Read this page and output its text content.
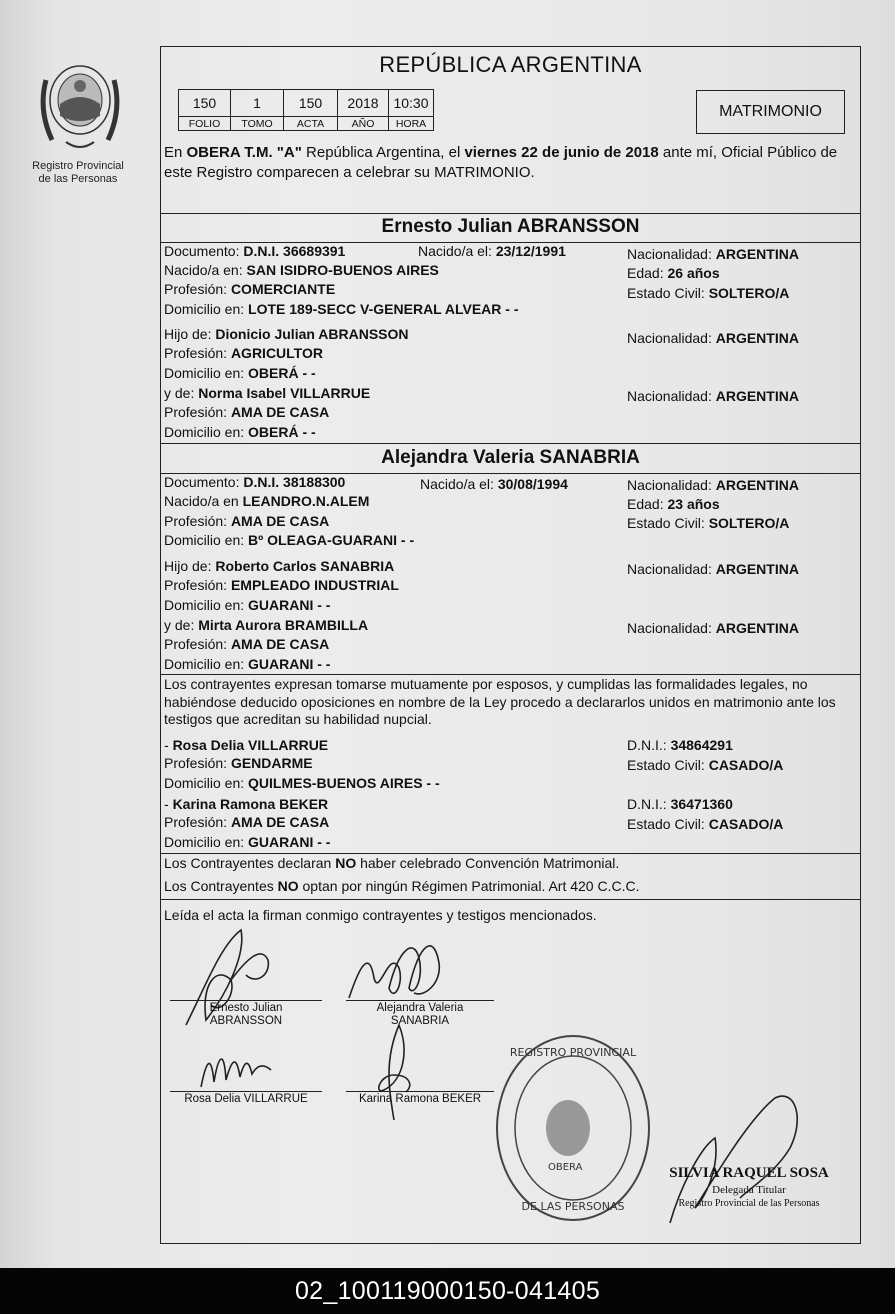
Registro Provincial
de las Personas
REPÚBLICA ARGENTINA
150	1	150	2018	10:30
FOLIO	TOMO	ACTA	AÑO	HORA
MATRIMONIO
En OBERA T.M. "A" República Argentina, el viernes 22 de junio de 2018 ante mí, Oficial Público de este Registro comparecen a celebrar su MATRIMONIO.
Ernesto Julian ABRANSSON
Documento: D.N.I. 36689391	Nacido/a el: 23/12/1991	Nacionalidad: ARGENTINA
Nacido/a en: SAN ISIDRO-BUENOS AIRES	Edad: 26 años
Profesión: COMERCIANTE	Estado Civil: SOLTERO/A
Domicilio en: LOTE 189-SECC V-GENERAL ALVEAR - -
Hijo de: Dionicio Julian ABRANSSON	Nacionalidad: ARGENTINA
Profesión: AGRICULTOR
Domicilio en: OBERÁ - -
y de: Norma Isabel VILLARRUE	Nacionalidad: ARGENTINA
Profesión: AMA DE CASA
Domicilio en: OBERÁ - -
Alejandra Valeria SANABRIA
Documento: D.N.I. 38188300	Nacido/a el: 30/08/1994	Nacionalidad: ARGENTINA
Nacido/a en LEANDRO.N.ALEM	Edad: 23 años
Profesión: AMA DE CASA	Estado Civil: SOLTERO/A
Domicilio en: Bº OLEAGA-GUARANI - -
Hijo de: Roberto Carlos SANABRIA	Nacionalidad: ARGENTINA
Profesión: EMPLEADO INDUSTRIAL
Domicilio en: GUARANI - -
y de: Mirta Aurora BRAMBILLA	Nacionalidad: ARGENTINA
Profesión: AMA DE CASA
Domicilio en: GUARANI - -
Los contrayentes expresan tomarse mutuamente por esposos, y cumplidas las formalidades legales, no habiéndose deducido oposiciones en nombre de la Ley procedo a declararlos unidos en matrimonio ante los testigos que acreditan su habilidad nupcial.
- Rosa Delia VILLARRUE	D.N.I.: 34864291
Profesión: GENDARME	Estado Civil: CASADO/A
Domicilio en: QUILMES-BUENOS AIRES - -
- Karina Ramona BEKER	D.N.I.: 36471360
Profesión: AMA DE CASA	Estado Civil: CASADO/A
Domicilio en: GUARANI - -
Los Contrayentes declaran NO haber celebrado Convención Matrimonial.
Los Contrayentes NO optan por ningún Régimen Patrimonial. Art 420 C.C.C.
Leída el acta la firman conmigo contrayentes y testigos mencionados.
Ernesto Julian
ABRANSSON
Alejandra Valeria
SANABRIA
Rosa Delia VILLARRUE	Karina Ramona BEKER
REGISTRO PROVINCIAL
DE LAS PERSONAS
OBERA	SILVIA RAQUEL SOSA
Delegada Titular
Registro Provincial de las Personas
02_100119000150-041405
